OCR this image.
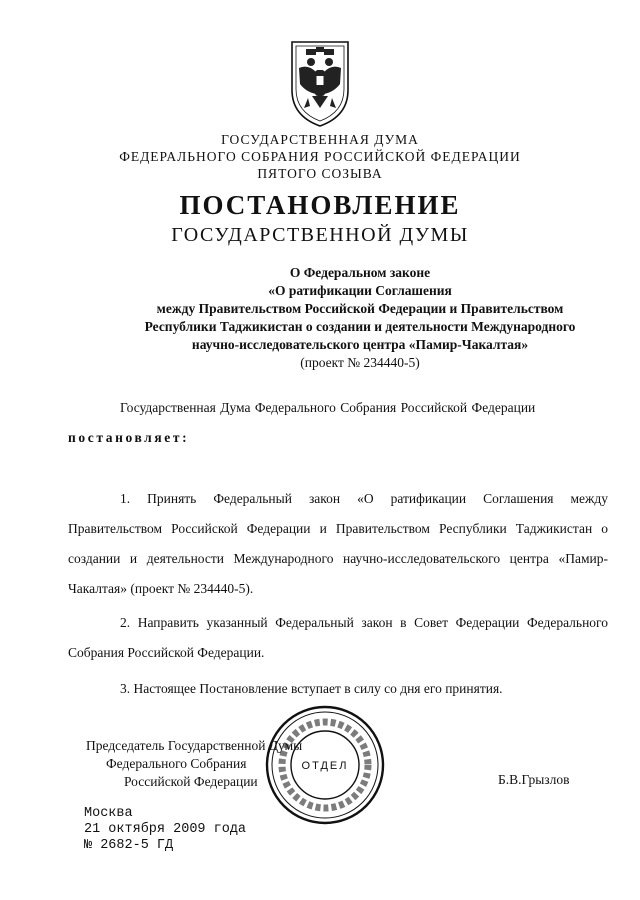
ГОСУДАРСТВЕННАЯ ДУМА
ФЕДЕРАЛЬНОГО СОБРАНИЯ РОССИЙСКОЙ ФЕДЕРАЦИИ
ПЯТОГО СОЗЫВА
ПОСТАНОВЛЕНИЕ
ГОСУДАРСТВЕННОЙ ДУМЫ
О Федеральном законе
«О ратификации Соглашения
между Правительством Российской Федерации и Правительством
Республики Таджикистан о создании и деятельности Международного
научно-исследовательского центра «Памир-Чакалтая»
(проект № 234440-5)
Государственная Дума Федерального Собрания Российской Федерации
постановляет:
1. Принять Федеральный закон «О ратификации Соглашения между Правительством Российской Федерации и Правительством Республики Таджикистан о создании и деятельности Международного научно-исследовательского центра «Памир-Чакалтая» (проект № 234440-5).
2. Направить указанный Федеральный закон в Совет Федерации Федерального Собрания Российской Федерации.
3. Настоящее Постановление вступает в силу со дня его принятия.
Председатель Государственной Думы
Федерального Собрания
Российской Федерации	Б.В.Грызлов
ОТДЕЛ
Москва
21 октября 2009 года
№ 2682-5 ГД
